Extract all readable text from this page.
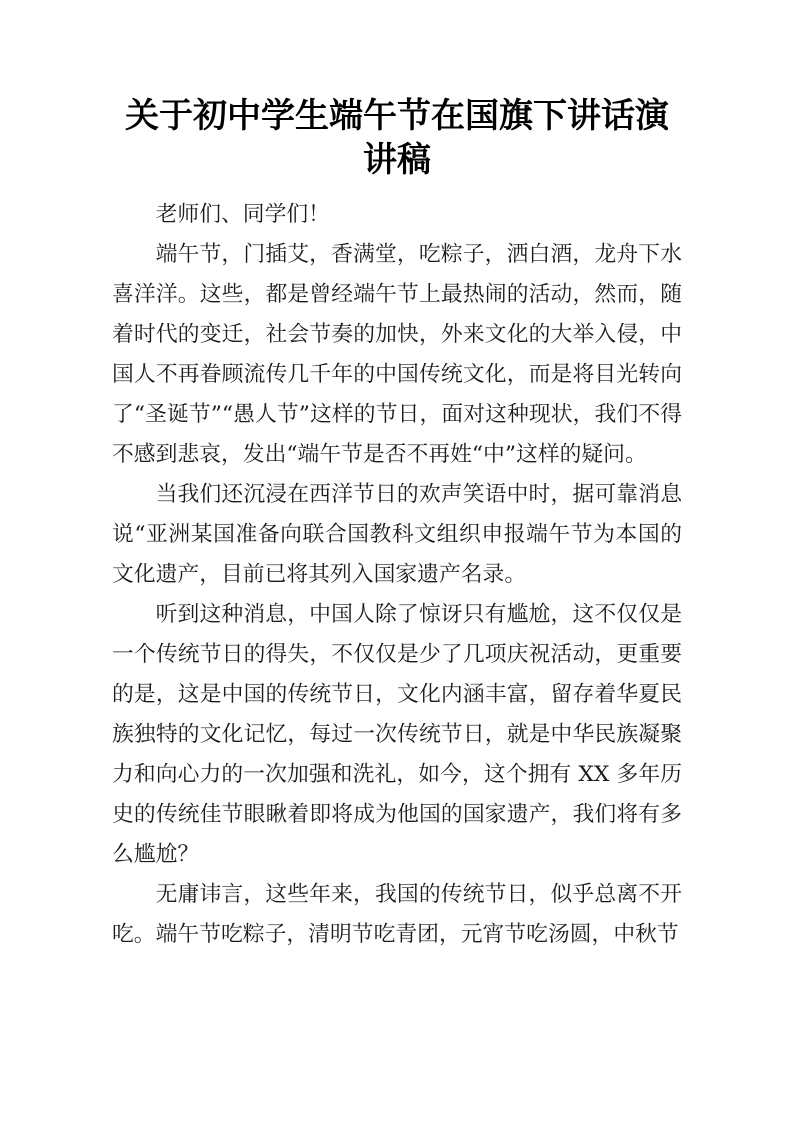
关于初中学生端午节在国旗下讲话演讲稿

老师们、同学们！

端午节，门插艾，香满堂，吃粽子，洒白酒，龙舟下水喜洋洋。这些，都是曾经端午节上最热闹的活动，然而，随着时代的变迁，社会节奏的加快，外来文化的大举入侵，中国人不再眷顾流传几千年的中国传统文化，而是将目光转向了“圣诞节”“愚人节”这样的节日，面对这种现状，我们不得不感到悲哀，发出“端午节是否不再姓“中”这样的疑问。

当我们还沉浸在西洋节日的欢声笑语中时，据可靠消息说“亚洲某国准备向联合国教科文组织申报端午节为本国的文化遗产，目前已将其列入国家遗产名录。

听到这种消息，中国人除了惊讶只有尴尬，这不仅仅是一个传统节日的得失，不仅仅是少了几项庆祝活动，更重要的是，这是中国的传统节日，文化内涵丰富，留存着华夏民族独特的文化记忆，每过一次传统节日，就是中华民族凝聚力和向心力的一次加强和洗礼，如今，这个拥有 XX 多年历史的传统佳节眼瞅着即将成为他国的国家遗产，我们将有多么尴尬？

无庸讳言，这些年来，我国的传统节日，似乎总离不开吃。端午节吃粽子，清明节吃青团，元宵节吃汤圆，中秋节
